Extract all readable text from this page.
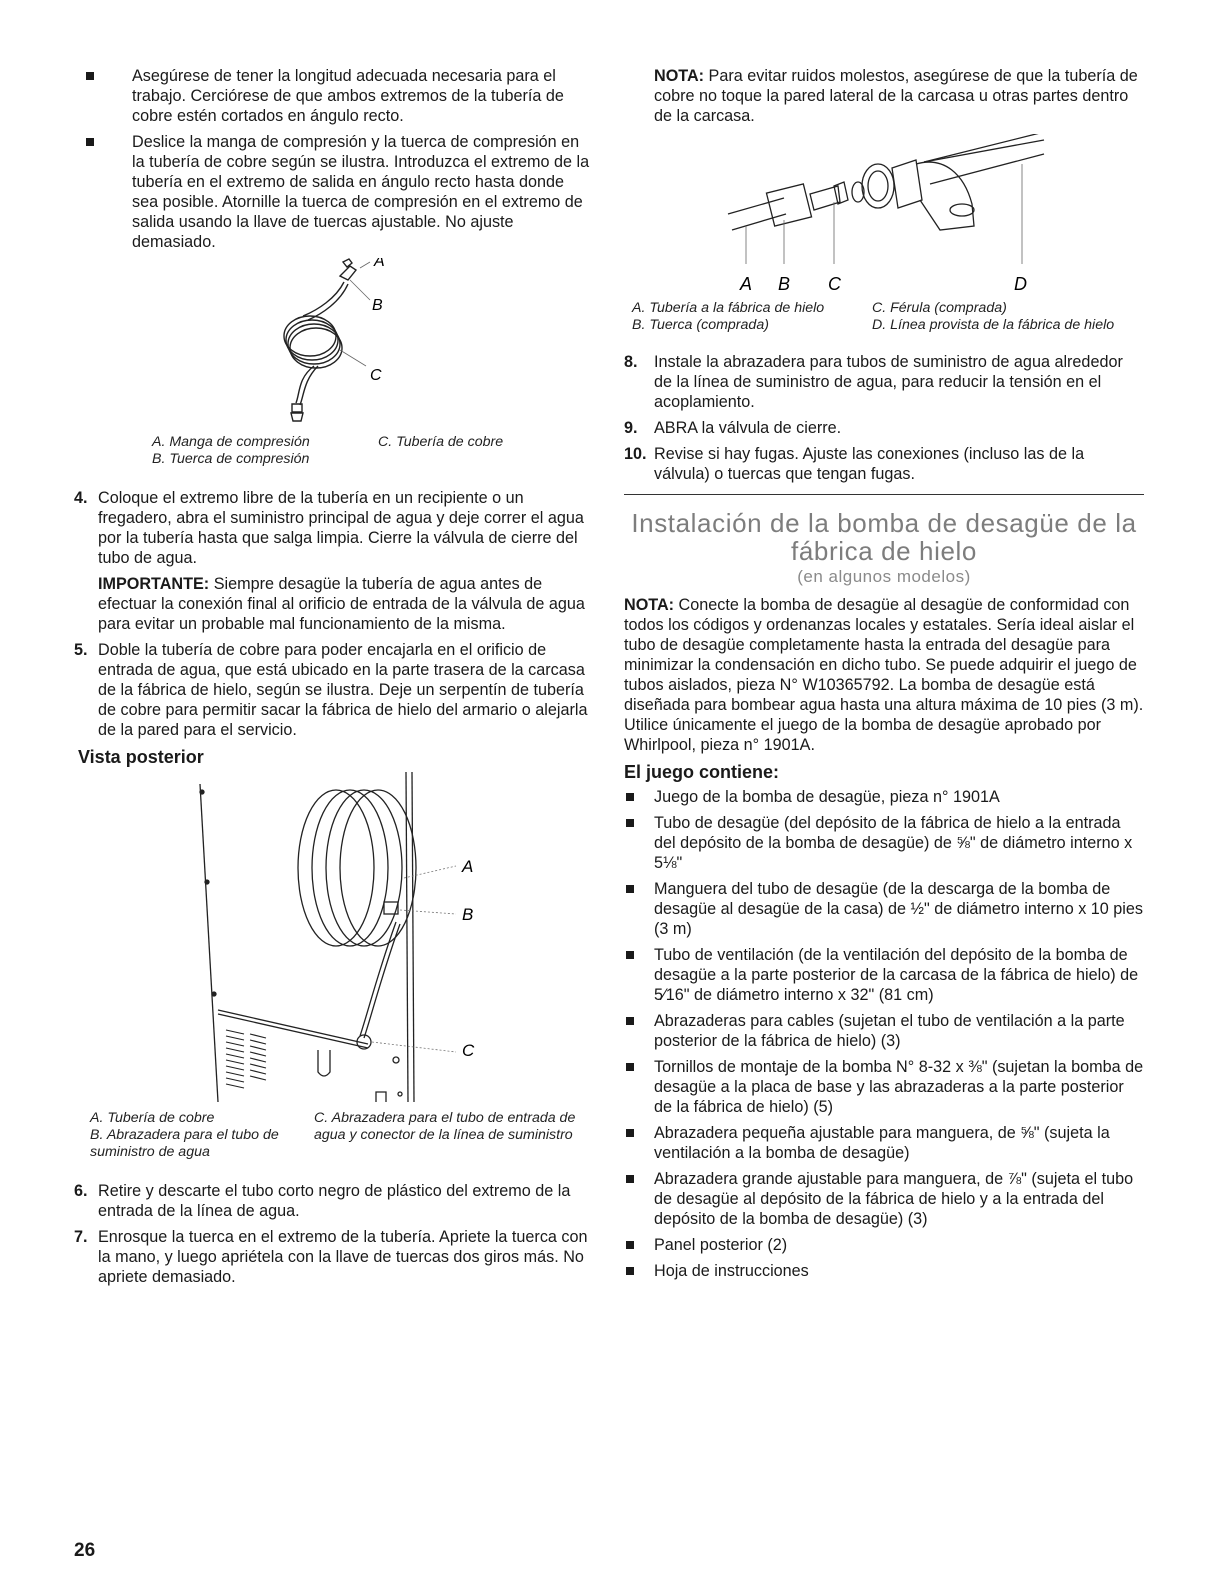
Asegúrese de tener la longitud adecuada necesaria para el trabajo. Cerciórese de que ambos extremos de la tubería de cobre estén cortados en ángulo recto.
Deslice la manga de compresión y la tuerca de compresión en la tubería de cobre según se ilustra. Introduzca el extremo de la tubería en el extremo de salida en ángulo recto hasta donde sea posible. Atornille la tuerca de compresión en el extremo de salida usando la llave de tuercas ajustable. No ajuste demasiado.
A
B
C
A. Manga de compresión	C. Tubería de cobre
B. Tuerca de compresión
4. Coloque el extremo libre de la tubería en un recipiente o un fregadero, abra el suministro principal de agua y deje correr el agua por la tubería hasta que salga limpia. Cierre la válvula de cierre del tubo de agua.

IMPORTANTE: Siempre desagüe la tubería de agua antes de efectuar la conexión final al orificio de entrada de la válvula de agua para evitar un probable mal funcionamiento de la misma.

5. Doble la tubería de cobre para poder encajarla en el orificio de entrada de agua, que está ubicado en la parte trasera de la carcasa de la fábrica de hielo, según se ilustra. Deje un serpentín de tubería de cobre para permitir sacar la fábrica de hielo del armario o alejarla de la pared para el servicio.

Vista posterior
A
B
C
A. Tubería de cobre
B. Abrazadera para el tubo de suministro de agua
C. Abrazadera para el tubo de entrada de agua y conector de la línea de suministro
6. Retire y descarte el tubo corto negro de plástico del extremo de la entrada de la línea de agua.

7. Enrosque la tuerca en el extremo de la tubería. Apriete la tuerca con la mano, y luego apriétela con la llave de tuercas dos giros más. No apriete demasiado.

NOTA: Para evitar ruidos molestos, asegúrese de que la tubería de cobre no toque la pared lateral de la carcasa u otras partes dentro de la carcasa.

A B C	D
A. Tubería a la fábrica de hielo	C. Férula (comprada)
B. Tuerca (comprada)	D. Línea provista de la fábrica de hielo
8. Instale la abrazadera para tubos de suministro de agua alrededor de la línea de suministro de agua, para reducir la tensión en el acoplamiento.

9. ABRA la válvula de cierre.

10. Revise si hay fugas. Ajuste las conexiones (incluso las de la válvula) o tuercas que tengan fugas.

Instalación de la bomba de desagüe de la
fábrica de hielo
(en algunos modelos)

NOTA: Conecte la bomba de desagüe al desagüe de conformidad con todos los códigos y ordenanzas locales y estatales. Sería ideal aislar el tubo de desagüe completamente hasta la entrada del desagüe para minimizar la condensación en dicho tubo. Se puede adquirir el juego de tubos aislados, pieza N° W10365792. La bomba de desagüe está diseñada para bombear agua hasta una altura máxima de 10 pies (3 m). Utilice únicamente el juego de la bomba de desagüe aprobado por Whirlpool, pieza n° 1901A.

El juego contiene:
Juego de la bomba de desagüe, pieza n° 1901A
Tubo de desagüe (del depósito de la fábrica de hielo a la entrada del depósito de la bomba de desagüe) de ⅝" de diámetro interno x 5⅛"
Manguera del tubo de desagüe (de la descarga de la bomba de desagüe al desagüe de la casa) de ½" de diámetro interno x 10 pies (3 m)
Tubo de ventilación (de la ventilación del depósito de la bomba de desagüe a la parte posterior de la carcasa de la fábrica de hielo) de 5⁄16" de diámetro interno x 32" (81 cm)
Abrazaderas para cables (sujetan el tubo de ventilación a la parte posterior de la fábrica de hielo) (3)
Tornillos de montaje de la bomba N° 8-32 x ⅜" (sujetan la bomba de desagüe a la placa de base y las abrazaderas a la parte posterior de la fábrica de hielo) (5)
Abrazadera pequeña ajustable para manguera, de ⅝" (sujeta la ventilación a la bomba de desagüe)
Abrazadera grande ajustable para manguera, de ⅞" (sujeta el tubo de desagüe al depósito de la fábrica de hielo y a la entrada del depósito de la bomba de desagüe) (3)
Panel posterior (2)
Hoja de instrucciones
26
